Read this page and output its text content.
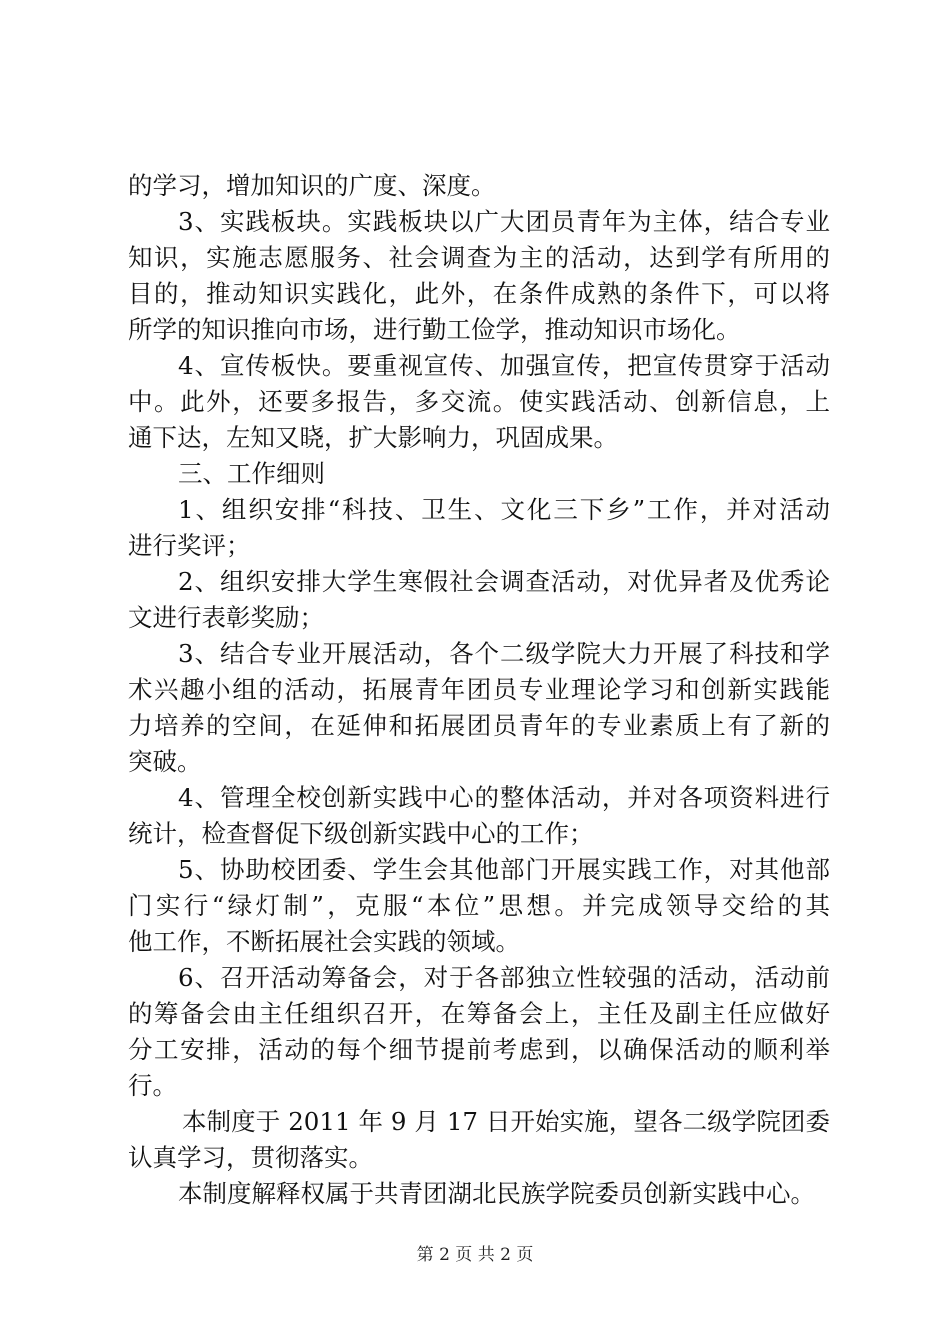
的学习，增加知识的广度、深度。
3、实践板块。实践板块以广大团员青年为主体，结合专业
知识，实施志愿服务、社会调查为主的活动，达到学有所用的
目的，推动知识实践化，此外，在条件成熟的条件下，可以将
所学的知识推向市场，进行勤工俭学，推动知识市场化。
4、宣传板快。要重视宣传、加强宣传，把宣传贯穿于活动
中。此外，还要多报告，多交流。使实践活动、创新信息，上
通下达，左知又晓，扩大影响力，巩固成果。
三、工作细则
1、组织安排“科技、卫生、文化三下乡”工作，并对活动
进行奖评；
2、组织安排大学生寒假社会调查活动，对优异者及优秀论
文进行表彰奖励；
3、结合专业开展活动，各个二级学院大力开展了科技和学
术兴趣小组的活动，拓展青年团员专业理论学习和创新实践能
力培养的空间，在延伸和拓展团员青年的专业素质上有了新的
突破。
4、管理全校创新实践中心的整体活动，并对各项资料进行
统计，检查督促下级创新实践中心的工作；
5、协助校团委、学生会其他部门开展实践工作，对其他部
门实行“绿灯制”，克服“本位”思想。并完成领导交给的其
他工作，不断拓展社会实践的领域。
6、召开活动筹备会，对于各部独立性较强的活动，活动前
的筹备会由主任组织召开，在筹备会上，主任及副主任应做好
分工安排，活动的每个细节提前考虑到，以确保活动的顺利举
行。
本制度于 2011 年 9 月 17 日开始实施，望各二级学院团委
认真学习，贯彻落实。
本制度解释权属于共青团湖北民族学院委员创新实践中心。
第 2 页 共 2 页
